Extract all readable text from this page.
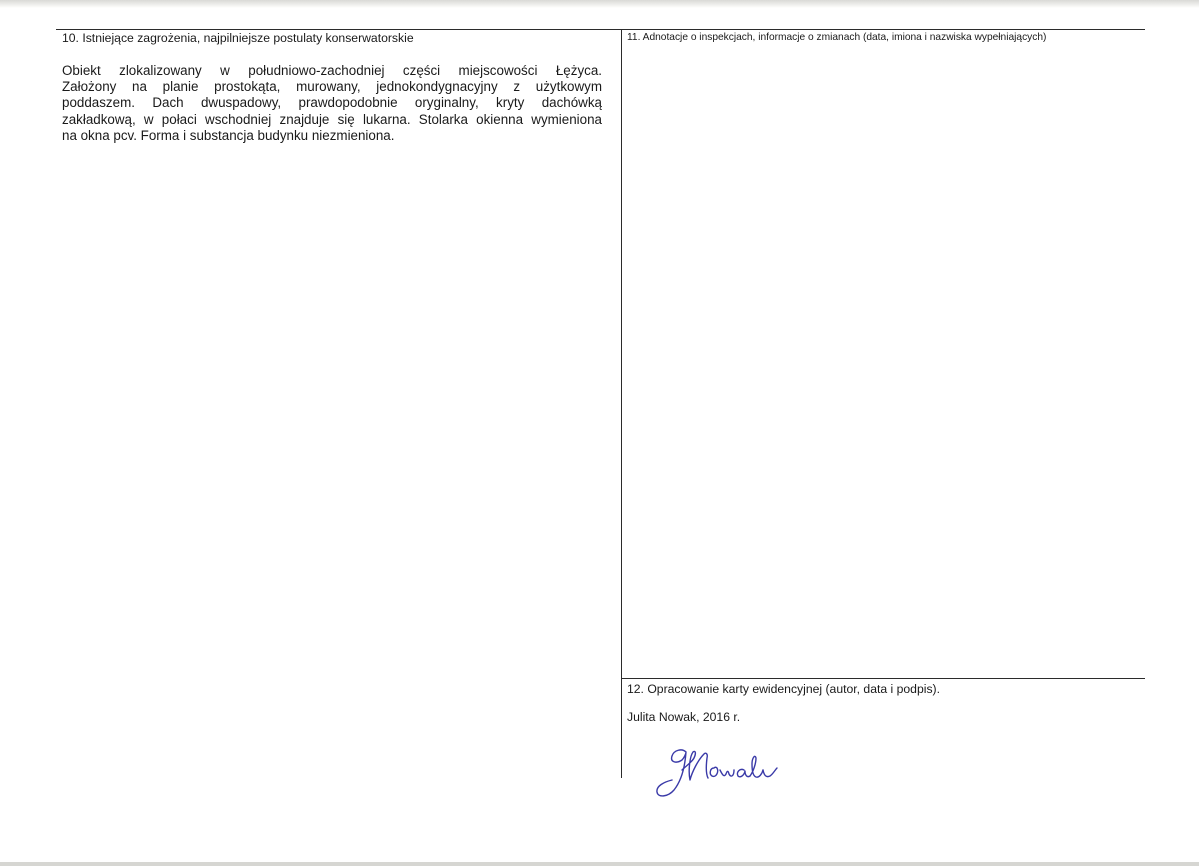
10. Istniejące zagrożenia, najpilniejsze postulaty konserwatorskie
Obiekt zlokalizowany w południowo-zachodniej części miejscowości Łężyca.
Założony na planie prostokąta, murowany, jednokondygnacyjny z użytkowym
poddaszem. Dach dwuspadowy, prawdopodobnie oryginalny, kryty dachówką
zakładkową, w połaci wschodniej znajduje się lukarna. Stolarka okienna wymieniona
na okna pcv. Forma i substancja budynku niezmieniona.
11. Adnotacje o inspekcjach, informacje o zmianach (data, imiona i nazwiska wypełniających)
12. Opracowanie karty ewidencyjnej (autor, data i podpis).
Julita Nowak, 2016 r.
